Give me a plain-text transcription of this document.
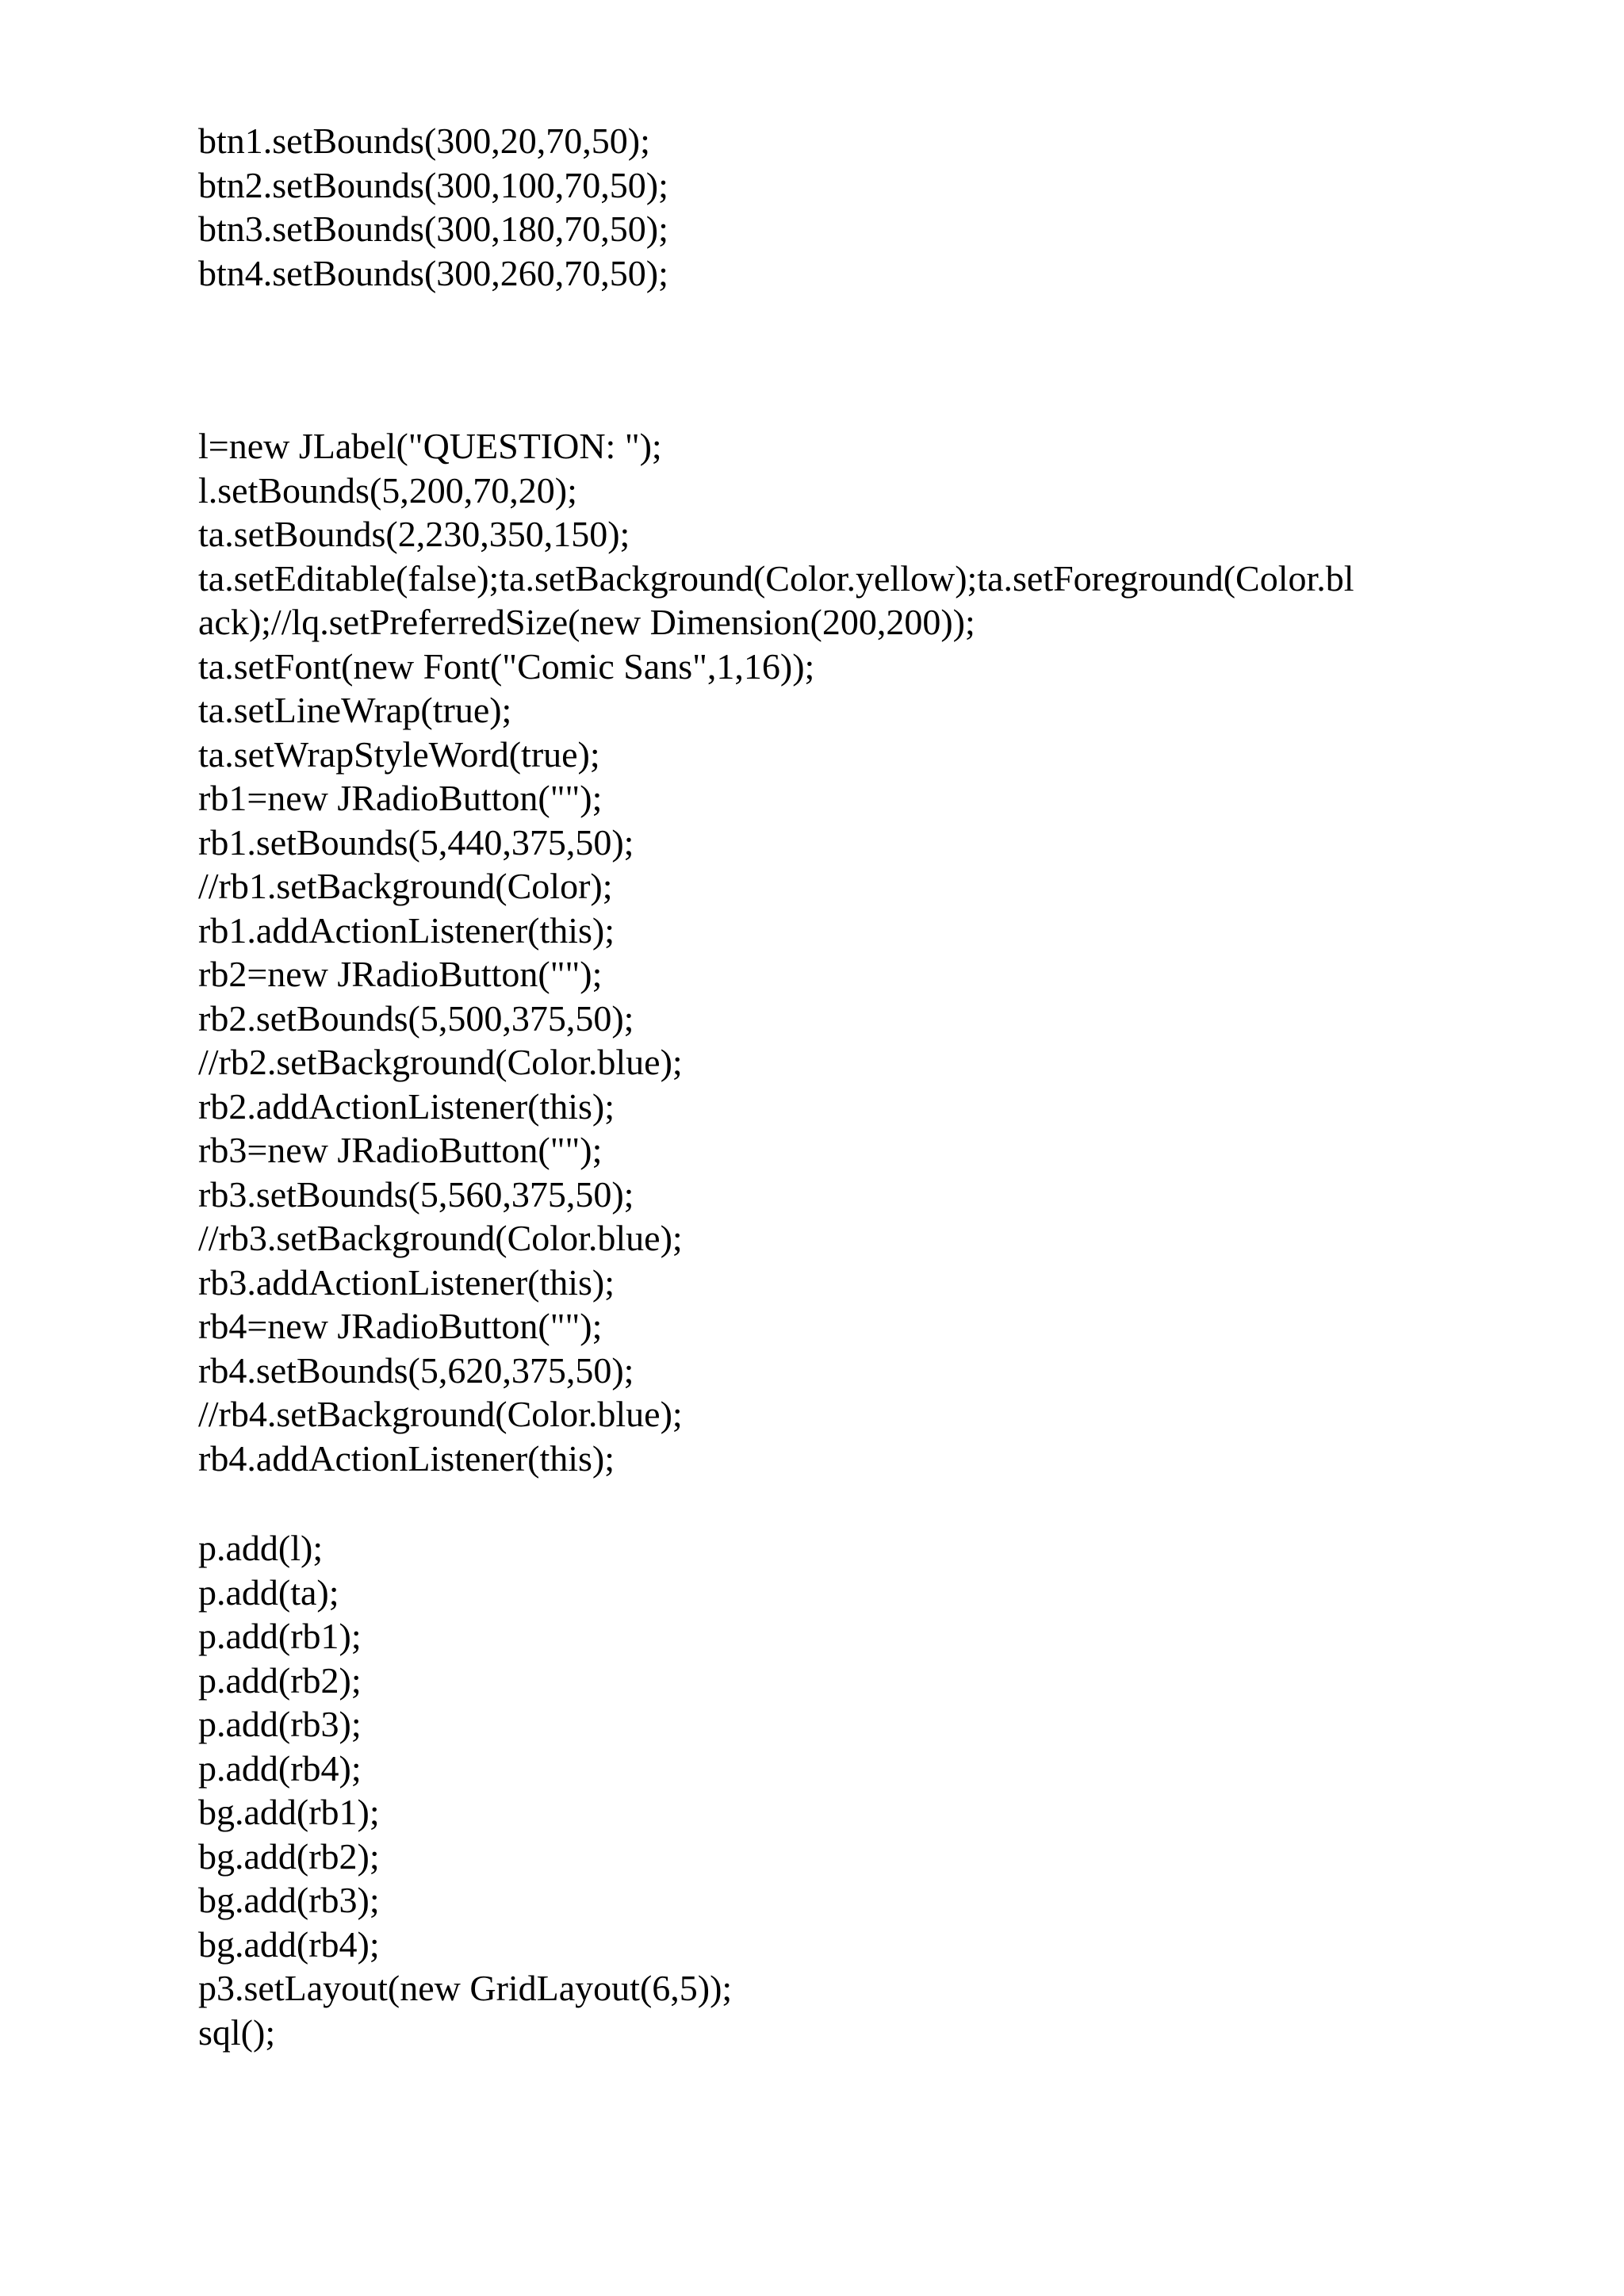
btn1.setBounds(300,20,70,50);
btn2.setBounds(300,100,70,50);
btn3.setBounds(300,180,70,50);
btn4.setBounds(300,260,70,50);
l=new JLabel("QUESTION: ");
l.setBounds(5,200,70,20);
ta.setBounds(2,230,350,150);
ta.setEditable(false);ta.setBackground(Color.yellow);ta.setForeground(Color.bl
ack);//lq.setPreferredSize(new Dimension(200,200));
ta.setFont(new Font("Comic Sans",1,16));
ta.setLineWrap(true);
ta.setWrapStyleWord(true);
rb1=new JRadioButton("");
rb1.setBounds(5,440,375,50);
//rb1.setBackground(Color);
rb1.addActionListener(this);
rb2=new JRadioButton("");
rb2.setBounds(5,500,375,50);
//rb2.setBackground(Color.blue);
rb2.addActionListener(this);
rb3=new JRadioButton("");
rb3.setBounds(5,560,375,50);
//rb3.setBackground(Color.blue);
rb3.addActionListener(this);
rb4=new JRadioButton("");
rb4.setBounds(5,620,375,50);
//rb4.setBackground(Color.blue);
rb4.addActionListener(this);
p.add(l);
p.add(ta);
p.add(rb1);
p.add(rb2);
p.add(rb3);
p.add(rb4);
bg.add(rb1);
bg.add(rb2);
bg.add(rb3);
bg.add(rb4);
p3.setLayout(new GridLayout(6,5));
sql();
